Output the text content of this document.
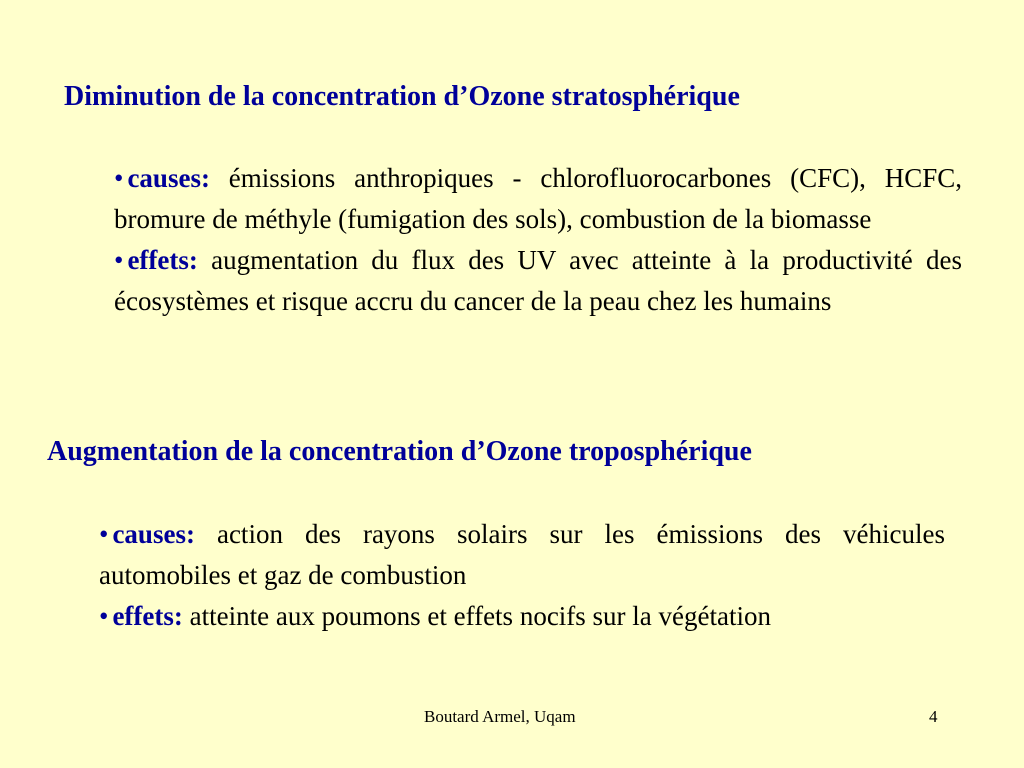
Diminution de la concentration d’Ozone stratosphérique

• causes: émissions anthropiques - chlorofluorocarbones (CFC), HCFC, bromure de méthyle (fumigation des sols), combustion de la biomasse

• effets: augmentation du flux des UV avec atteinte à la productivité des écosystèmes et risque accru du cancer de la peau chez les humains

Augmentation de la concentration d’Ozone troposphérique

• causes: action des rayons solairs sur les émissions des véhicules automobiles et gaz de combustion

• effets: atteinte aux poumons et effets nocifs sur la végétation

Boutard Armel, Uqam	4
